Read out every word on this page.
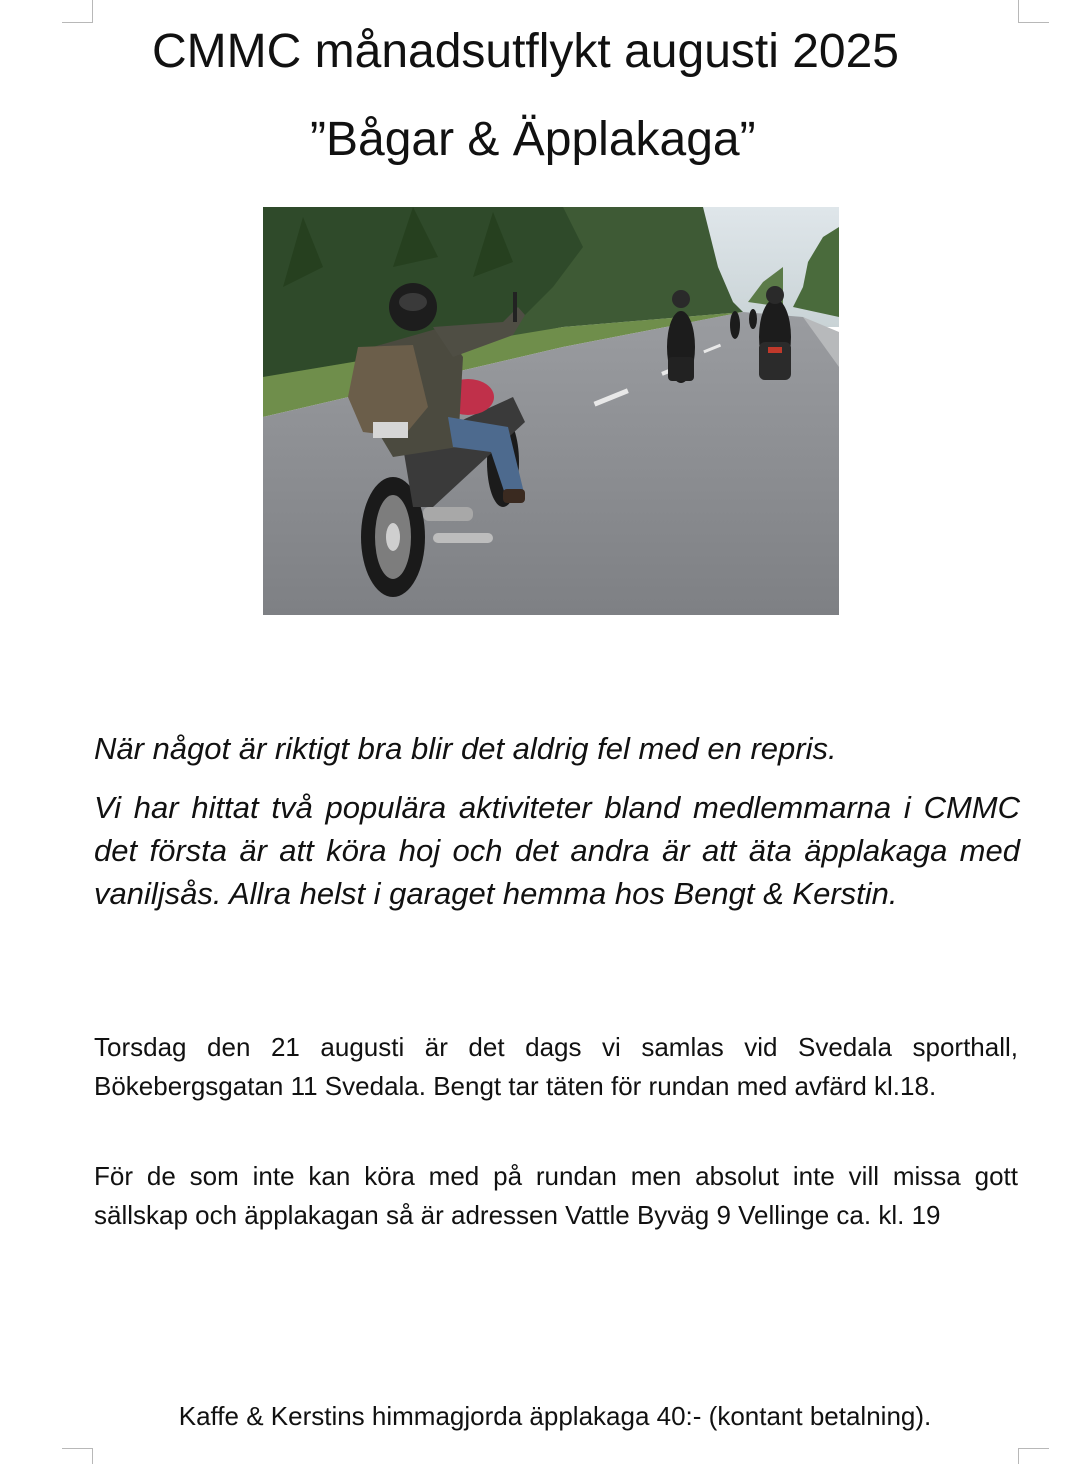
CMMC månadsutflykt augusti 2025
”Bågar & Äpplakaga”
När något är riktigt bra blir det aldrig fel med en repris.
Vi har hittat två populära aktiviteter bland medlemmarna i CMMC det första är att köra hoj och det andra är att äta äpplakaga med vaniljsås. Allra helst i garaget hemma hos Bengt & Kerstin.
Torsdag den 21 augusti är det dags vi samlas vid Svedala sporthall, Bökebergsgatan 11 Svedala. Bengt tar täten för rundan med avfärd kl.18.
För de som inte kan köra med på rundan men absolut inte vill missa gott sällskap och äpplakagan så är adressen Vattle Byväg 9 Vellinge ca. kl. 19
Kaffe & Kerstins himmagjorda äpplakaga 40:- (kontant betalning).
